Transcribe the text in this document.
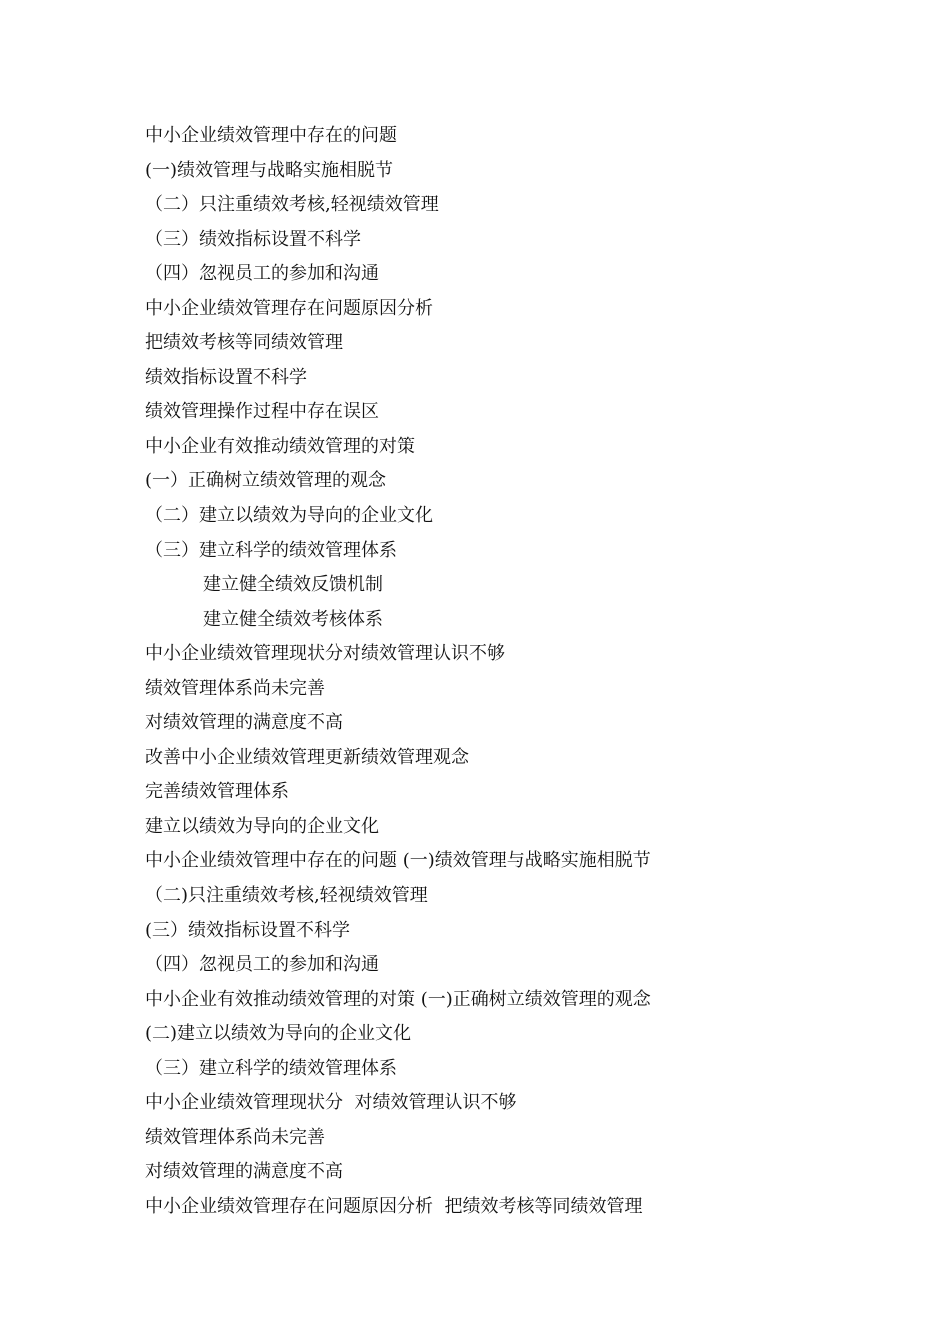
中小企业绩效管理中存在的问题
(一)绩效管理与战略实施相脱节
（二）只注重绩效考核,轻视绩效管理
（三）绩效指标设置不科学
（四）忽视员工的参加和沟通
中小企业绩效管理存在问题原因分析
把绩效考核等同绩效管理
绩效指标设置不科学
绩效管理操作过程中存在误区
中小企业有效推动绩效管理的对策
(一）正确树立绩效管理的观念
（二）建立以绩效为导向的企业文化
（三）建立科学的绩效管理体系
建立健全绩效反馈机制
建立健全绩效考核体系
中小企业绩效管理现状分对绩效管理认识不够
绩效管理体系尚未完善
对绩效管理的满意度不高
改善中小企业绩效管理更新绩效管理观念
完善绩效管理体系
建立以绩效为导向的企业文化
中小企业绩效管理中存在的问题 (一)绩效管理与战略实施相脱节
（二)只注重绩效考核,轻视绩效管理
(三）绩效指标设置不科学
（四）忽视员工的参加和沟通
中小企业有效推动绩效管理的对策 (一)正确树立绩效管理的观念
(二)建立以绩效为导向的企业文化
（三）建立科学的绩效管理体系
中小企业绩效管理现状分  对绩效管理认识不够
绩效管理体系尚未完善
对绩效管理的满意度不高
中小企业绩效管理存在问题原因分析  把绩效考核等同绩效管理
